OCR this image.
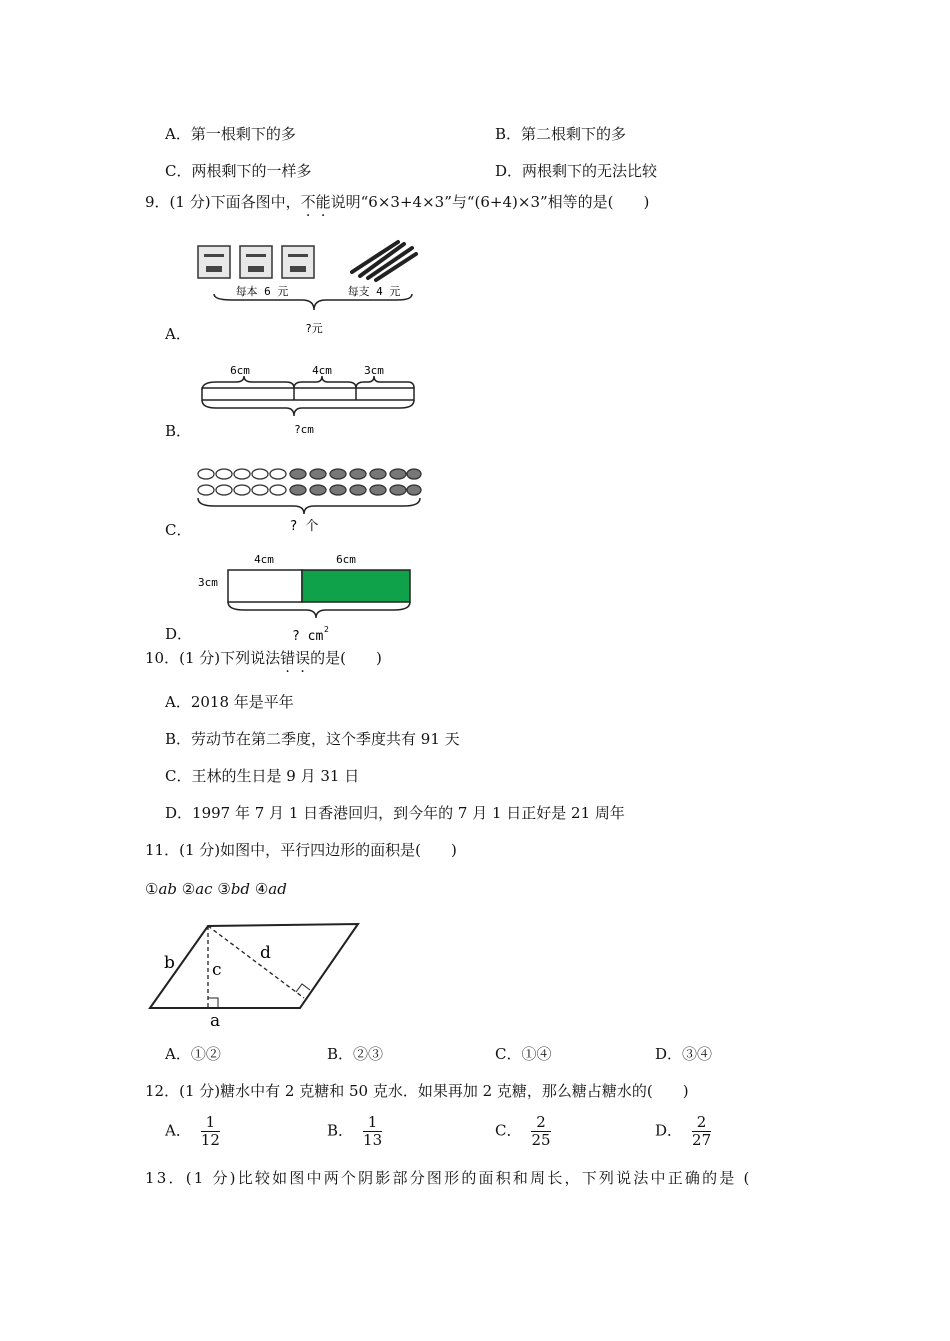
A．第一根剩下的多	B．第二根剩下的多
C．两根剩下的一样多	D．两根剩下的无法比较
9．(1 分)下面各图中，不能说明“6×3+4×3”与“(6+4)×3”相等的是(　　)
A．
每本 6 元	每支 4 元
?元
B．
6cm	4cm	3cm
?cm
C．	? 个
D．
4cm	6cm
3cm
? cm 2
10．(1 分)下列说法错误的是(　　)
A．2018 年是平年
B．劳动节在第二季度，这个季度共有 91 天
C．王林的生日是 9 月 31 日
D．1997 年 7 月 1 日香港回归，到今年的 7 月 1 日正好是 21 周年
11．(1 分)如图中，平行四边形的面积是(　　)
①ab ②ac ③bd ④ad
b c
d
a
A．①②	B．②③	C．①④	D．③④
12．(1 分)糖水中有 2 克糖和 50 克水．如果再加 2 克糖，那么糖占糖水的(　　)
A． $\frac{1}{12}$	B． $\frac{1}{13}$	C． $\frac{2}{25}$	D． $\frac{2}{27}$
13．(1 分)比较如图中两个阴影部分图形的面积和周长，下列说法中正确的是 (
